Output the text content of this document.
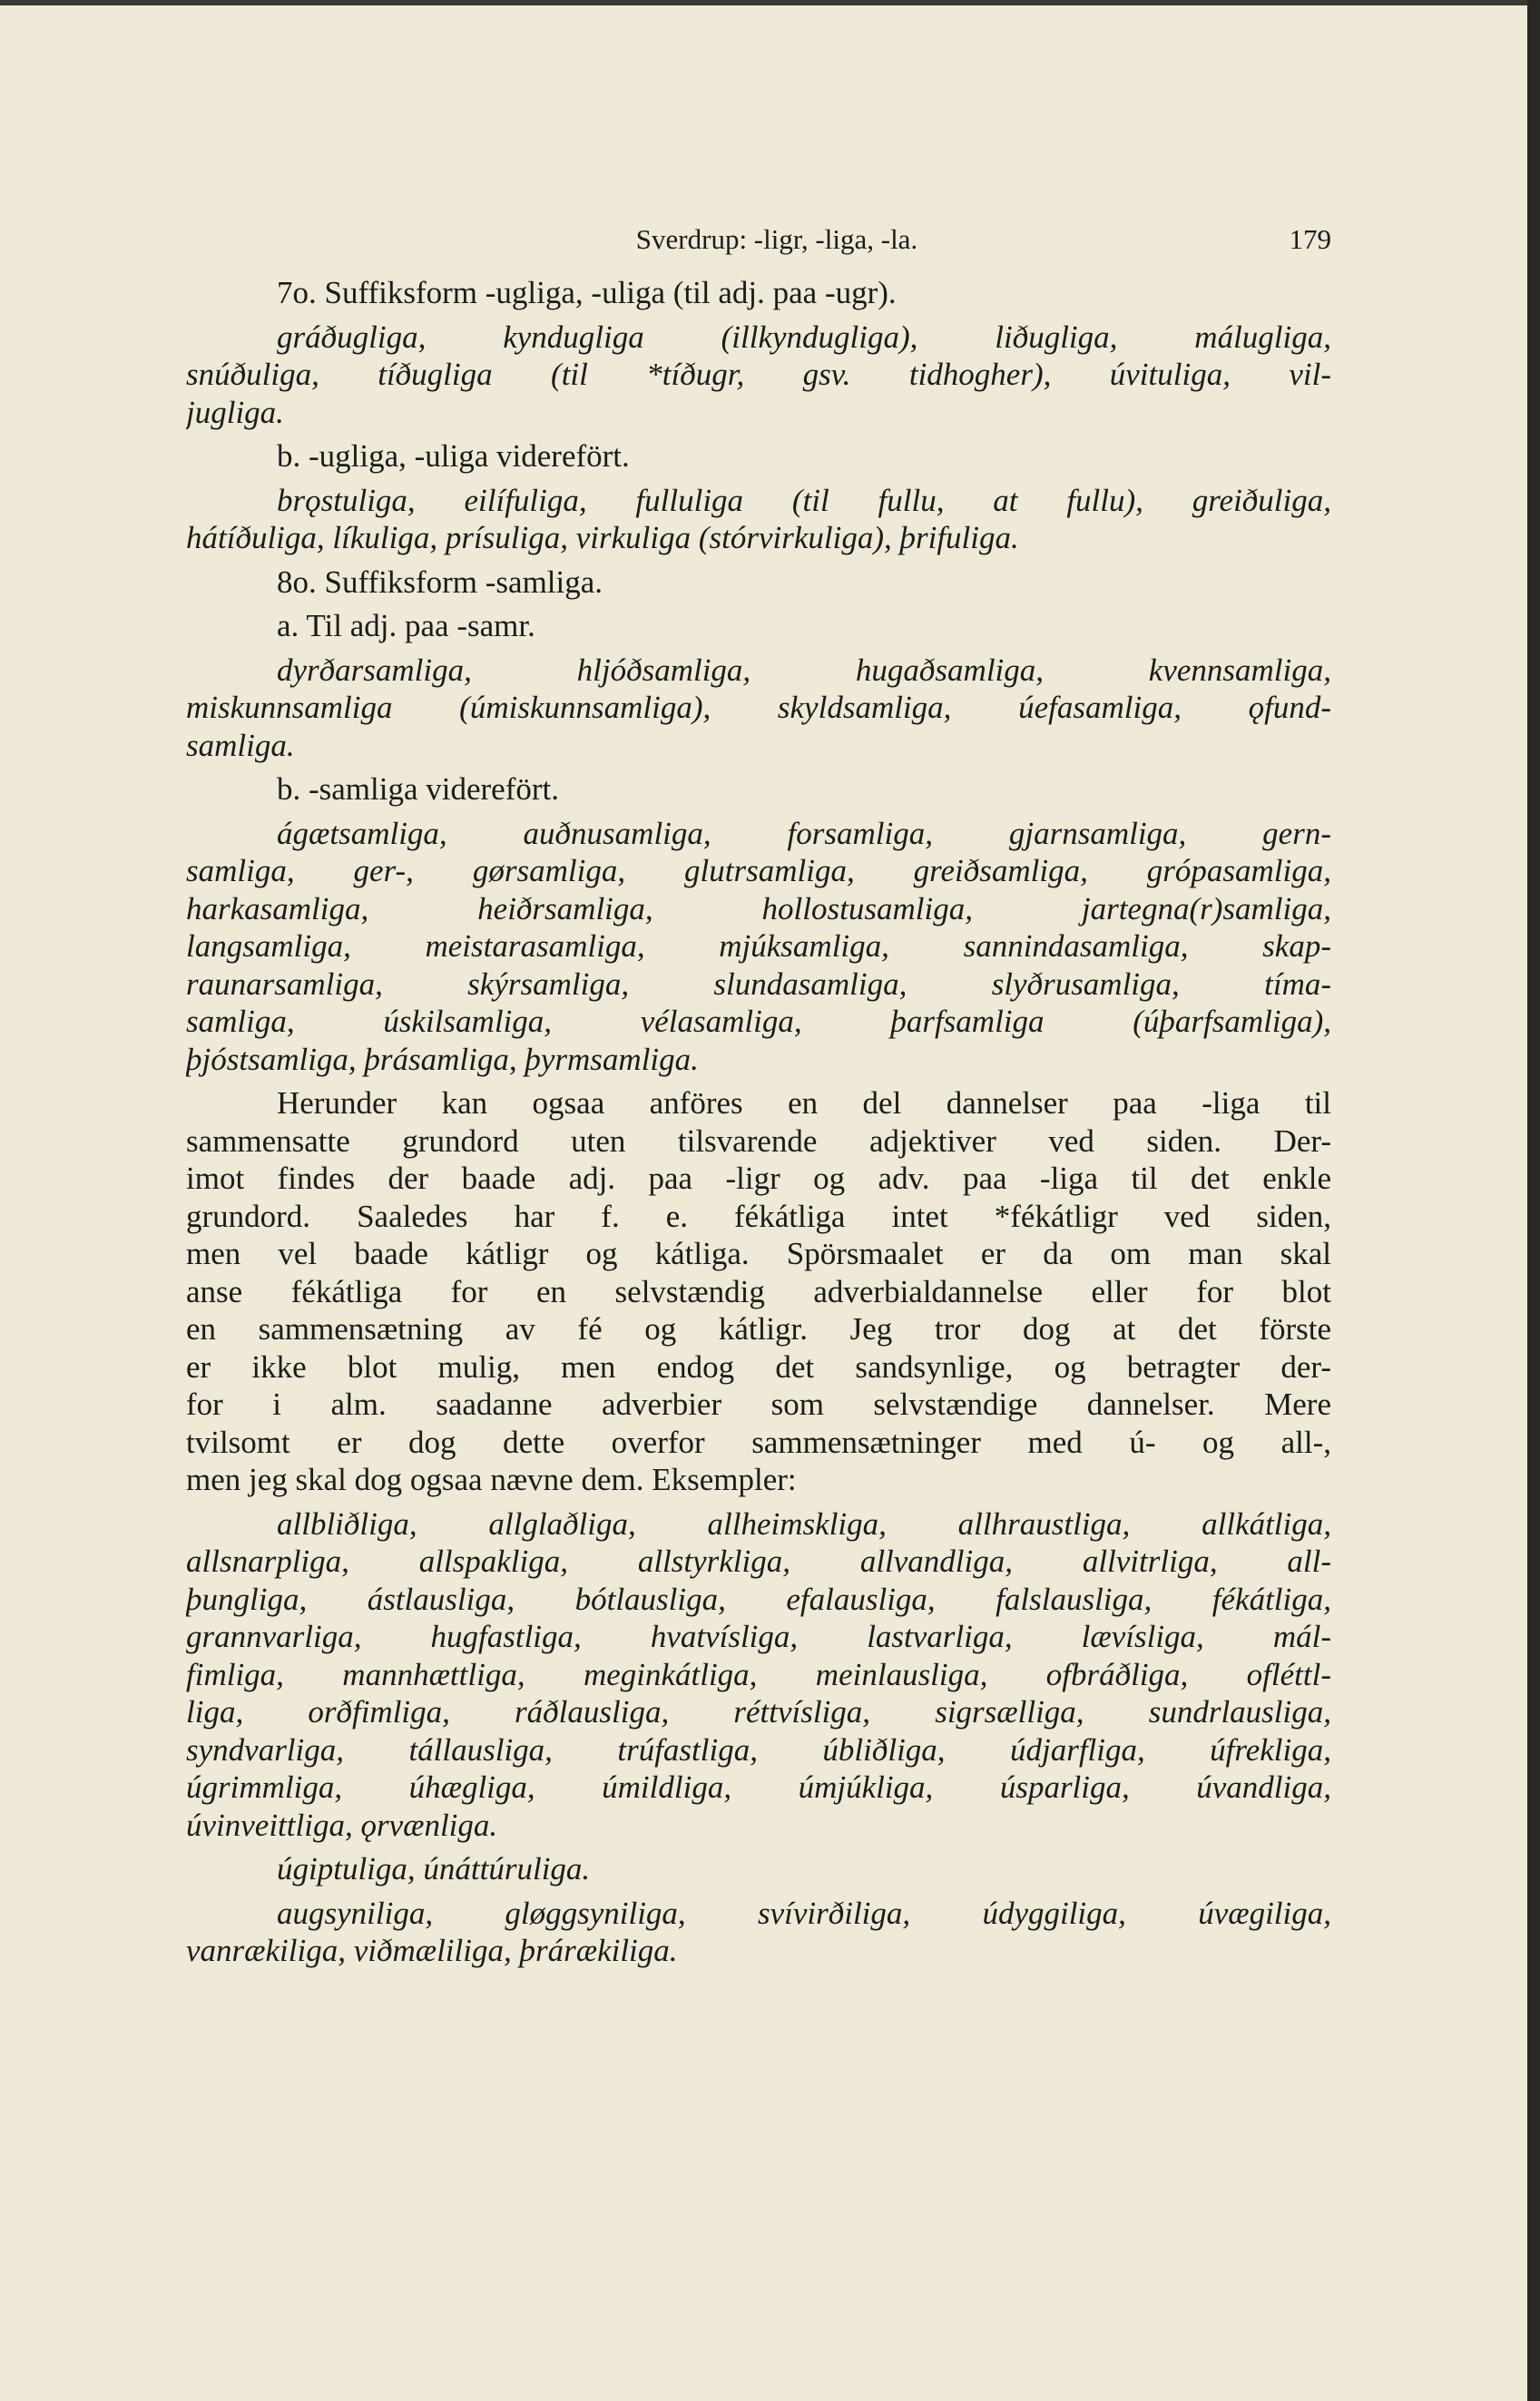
Sverdrup: -ligr, -liga, -la.	179

7o. Suffiksform -ugliga, -uliga (til adj. paa -ugr).

gráðugliga, kyndugliga (illkyndugliga), liðugliga, málugliga,

snúðuliga, tíðugliga (til *tíðugr, gsv. tidhogher), úvituliga, vil-

jugliga.

b. -ugliga, -uliga viderefört.

brǫstuliga, eilífuliga, fulluliga (til fullu, at fullu), greiðuliga,

hátíðuliga, líkuliga, prísuliga, virkuliga (stórvirkuliga), þrifuliga.

8o. Suffiksform -samliga.

a. Til adj. paa -samr.

dyrðarsamliga, hljóðsamliga, hugaðsamliga, kvennsamliga,

miskunnsamliga (úmiskunnsamliga), skyldsamliga, úefasamliga, ǫfund-

samliga.

b. -samliga viderefört.

ágætsamliga, auðnusamliga, forsamliga, gjarnsamliga, gern-

samliga, ger-, gørsamliga, glutrsamliga, greiðsamliga, grópasamliga,

harkasamliga, heiðrsamliga, hollostusamliga, jartegna(r)samliga,

langsamliga, meistarasamliga, mjúksamliga, sannindasamliga, skap-

raunarsamliga, skýrsamliga, slundasamliga, slyðrusamliga, tíma-

samliga, úskilsamliga, vélasamliga, þarfsamliga (úþarfsamliga),

þjóstsamliga, þrásamliga, þyrmsamliga.

Herunder kan ogsaa anföres en del dannelser paa -liga til

sammensatte grundord uten tilsvarende adjektiver ved siden. Der-

imot findes der baade adj. paa -ligr og adv. paa -liga til det enkle

grundord. Saaledes har f. e. fékátliga intet *fékátligr ved siden,

men vel baade kátligr og kátliga. Spörsmaalet er da om man skal

anse fékátliga for en selvstændig adverbialdannelse eller for blot

en sammensætning av fé og kátligr. Jeg tror dog at det förste

er ikke blot mulig, men endog det sandsynlige, og betragter der-

for i alm. saadanne adverbier som selvstændige dannelser. Mere

tvilsomt er dog dette overfor sammensætninger med ú- og all-,

men jeg skal dog ogsaa nævne dem. Eksempler:

allbliðliga, allglaðliga, allheimskliga, allhraustliga, allkátliga,

allsnarpliga, allspakliga, allstyrkliga, allvandliga, allvitrliga, all-

þungliga, ástlausliga, bótlausliga, efalausliga, falslausliga, fékátliga,

grannvarliga, hugfastliga, hvatvísliga, lastvarliga, lævísliga, mál-

fimliga, mannhættliga, meginkátliga, meinlausliga, ofbráðliga, ofléttl-

liga, orðfimliga, ráðlausliga, réttvísliga, sigrsælliga, sundrlausliga,

syndvarliga, tállausliga, trúfastliga, úbliðliga, údjarfliga, úfrekliga,

úgrimmliga, úhægliga, úmildliga, úmjúkliga, úsparliga, úvandliga,

úvinveittliga, ǫrvænliga.

úgiptuliga, únáttúruliga.

augsyniliga, gløggsyniliga, svívirðiliga, údyggiliga, úvægiliga,

vanrækiliga, viðmæliliga, þrárækiliga.
